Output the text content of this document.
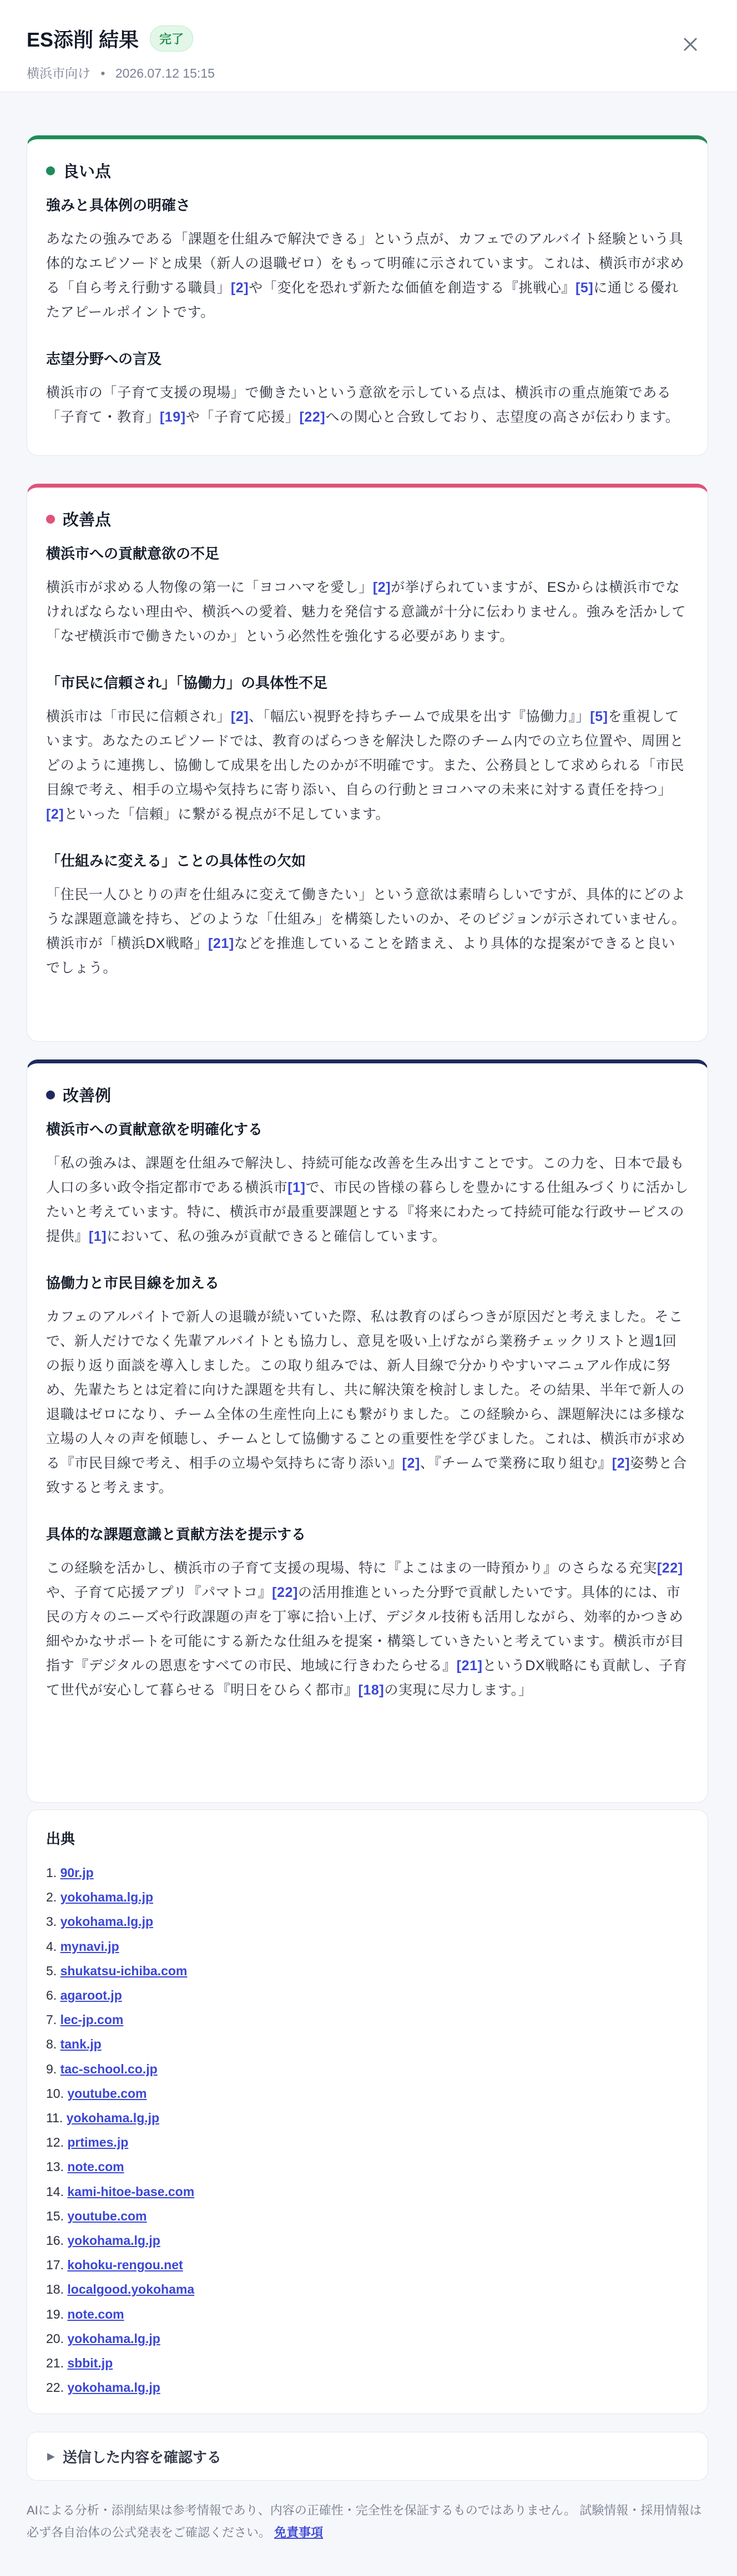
ES添削 結果	完了
横浜市向け • 2026.07.12 15:15
良い点
強みと具体例の明確さ

あなたの強みである「課題を仕組みで解決できる」という点が、カフェでのアルバイト経験という具体的なエピソードと成果（新人の退職ゼロ）をもって明確に示されています。これは、横浜市が求める「自ら考え行動する職員」[2]や「変化を恐れず新たな価値を創造する『挑戦心』[5]に通じる優れたアピールポイントです。

志望分野への言及

横浜市の「子育て支援の現場」で働きたいという意欲を示している点は、横浜市の重点施策である「子育て・教育」[19]や「子育て応援」[22]への関心と合致しており、志望度の高さが伝わります。

改善点
横浜市への貢献意欲の不足

横浜市が求める人物像の第一に「ヨコハマを愛し」[2]が挙げられていますが、ESからは横浜市でなければならない理由や、横浜への愛着、魅力を発信する意識が十分に伝わりません。強みを活かして「なぜ横浜市で働きたいのか」という必然性を強化する必要があります。

「市民に信頼され」「協働力」の具体性不足

横浜市は「市民に信頼され」[2]、「幅広い視野を持ちチームで成果を出す『協働力』」[5]を重視しています。あなたのエピソードでは、教育のばらつきを解決した際のチーム内での立ち位置や、周囲とどのように連携し、協働して成果を出したのかが不明確です。また、公務員として求められる「市民目線で考え、相手の立場や気持ちに寄り添い、自らの行動とヨコハマの未来に対する責任を持つ」[2]といった「信頼」に繋がる視点が不足しています。

「仕組みに変える」ことの具体性の欠如

「住民一人ひとりの声を仕組みに変えて働きたい」という意欲は素晴らしいですが、具体的にどのような課題意識を持ち、どのような「仕組み」を構築したいのか、そのビジョンが示されていません。横浜市が「横浜DX戦略」[21]などを推進していることを踏まえ、より具体的な提案ができると良いでしょう。

改善例
横浜市への貢献意欲を明確化する

「私の強みは、課題を仕組みで解決し、持続可能な改善を生み出すことです。この力を、日本で最も人口の多い政令指定都市である横浜市[1]で、市民の皆様の暮らしを豊かにする仕組みづくりに活かしたいと考えています。特に、横浜市が最重要課題とする『将来にわたって持続可能な行政サービスの提供』[1]において、私の強みが貢献できると確信しています。

協働力と市民目線を加える

カフェのアルバイトで新人の退職が続いていた際、私は教育のばらつきが原因だと考えました。そこで、新人だけでなく先輩アルバイトとも協力し、意見を吸い上げながら業務チェックリストと週1回の振り返り面談を導入しました。この取り組みでは、新人目線で分かりやすいマニュアル作成に努め、先輩たちとは定着に向けた課題を共有し、共に解決策を検討しました。その結果、半年で新人の退職はゼロになり、チーム全体の生産性向上にも繋がりました。この経験から、課題解決には多様な立場の人々の声を傾聴し、チームとして協働することの重要性を学びました。これは、横浜市が求める『市民目線で考え、相手の立場や気持ちに寄り添い』[2]、『チームで業務に取り組む』[2]姿勢と合致すると考えます。

具体的な課題意識と貢献方法を提示する

この経験を活かし、横浜市の子育て支援の現場、特に『よこはまの一時預かり』のさらなる充実[22]や、子育て応援アプリ『パマトコ』[22]の活用推進といった分野で貢献したいです。具体的には、市民の方々のニーズや行政課題の声を丁寧に拾い上げ、デジタル技術も活用しながら、効率的かつきめ細やかなサポートを可能にする新たな仕組みを提案・構築していきたいと考えています。横浜市が目指す『デジタルの恩恵をすべての市民、地域に行きわたらせる』[21]というDX戦略にも貢献し、子育て世代が安心して暮らせる『明日をひらく都市』[18]の実現に尽力します。」

出典
1. 90r.jp
2. yokohama.lg.jp
3. yokohama.lg.jp
4. mynavi.jp
5. shukatsu-ichiba.com
6. agaroot.jp
7. lec-jp.com
8. tank.jp
9. tac-school.co.jp
10. youtube.com
11. yokohama.lg.jp
12. prtimes.jp
13. note.com
14. kami-hitoe-base.com
15. youtube.com
16. yokohama.lg.jp
17. kohoku-rengou.net
18. localgood.yokohama
19. note.com
20. yokohama.lg.jp
21. sbbit.jp
22. yokohama.lg.jp
▶ 送信した内容を確認する
AIによる分析・添削結果は参考情報であり、内容の正確性・完全性を保証するものではありません。 試験情報・採用情報は必ず各自治体の公式発表をご確認ください。 免責事項
